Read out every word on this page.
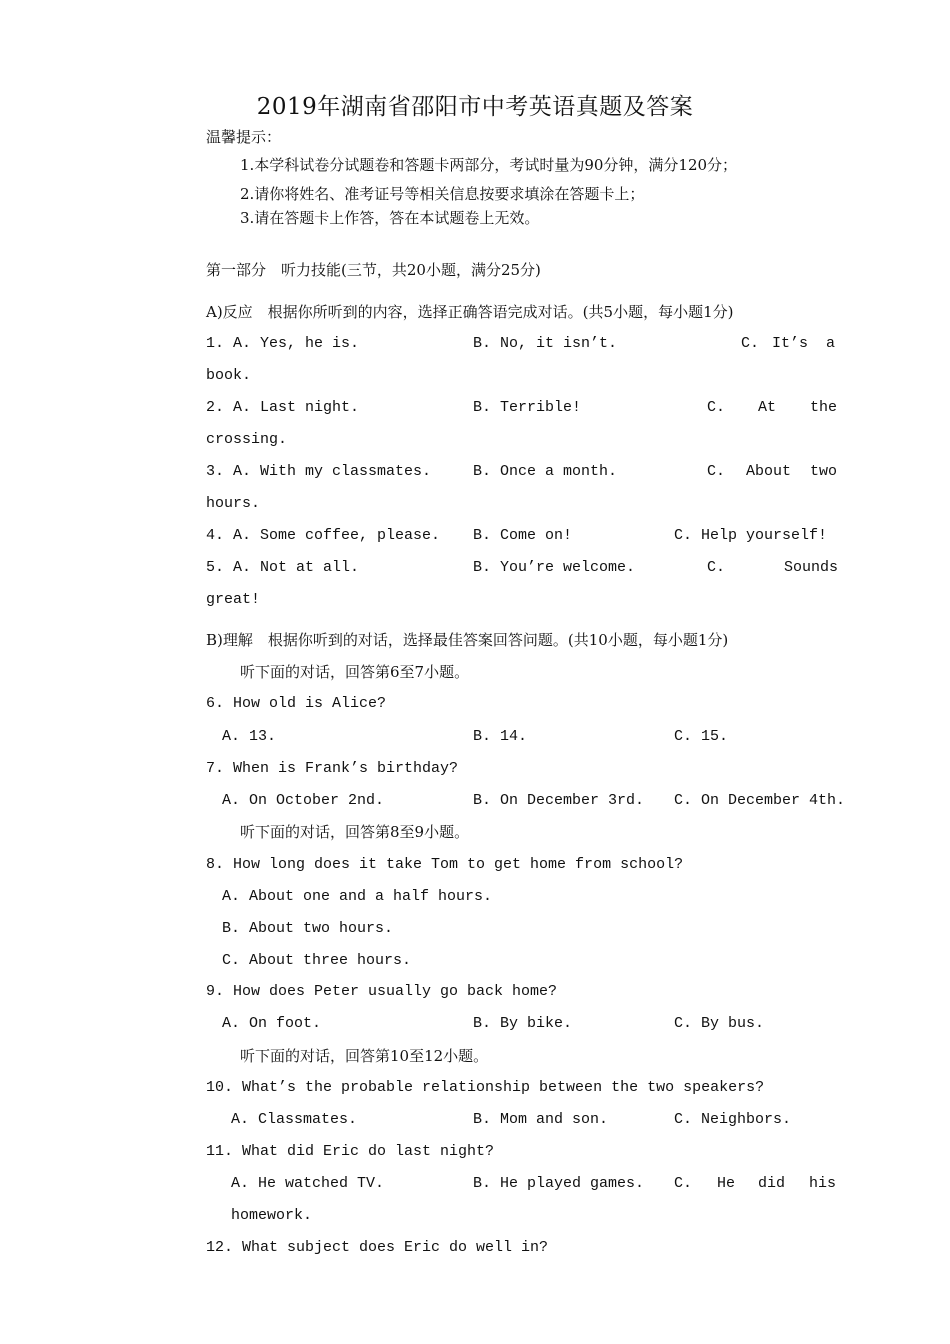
2019年湖南省邵阳市中考英语真题及答案
温馨提示：
1.本学科试卷分试题卷和答题卡两部分，考试时量为90分钟，满分120分；
2.请你将姓名、准考证号等相关信息按要求填涂在答题卡上；
3.请在答题卡上作答，答在本试题卷上无效。
第一部分　听力技能(三节，共20小题，满分25分)
A)反应　根据你所听到的内容，选择正确答语完成对话。(共5小题，每小题1分)
1. A. Yes, he is.	B. No, it isn’t.	C. It’s a
book.
2. A. Last night.	B. Terrible!	C. At the
crossing.
3. A. With my classmates.	B. Once a month.	C. About two
hours.
4. A. Some coffee, please. B. Come on!	C. Help yourself!
5. A. Not at all.	B. You’re welcome.	C.	Sounds
great!
B)理解　根据你听到的对话，选择最佳答案回答问题。(共10小题，每小题1分)
听下面的对话，回答第6至7小题。
6. How old is Alice?
A. 13.	B. 14.	C. 15.
7. When is Frank’s birthday?
A. On October 2nd.	B. On December 3rd. C. On December 4th.
听下面的对话，回答第8至9小题。
8. How long does it take Tom to get home from school?
A. About one and a half hours.
B. About two hours.
C. About three hours.
9. How does Peter usually go back home?
A. On foot.	B. By bike.	C. By bus.
听下面的对话，回答第10至12小题。
10. What’s the probable relationship between the two speakers?
A. Classmates.	B. Mom and son.	C. Neighbors.
11. What did Eric do last night?
A. He watched TV.	B. He played games. C. He did his
homework.
12. What subject does Eric do well in?
